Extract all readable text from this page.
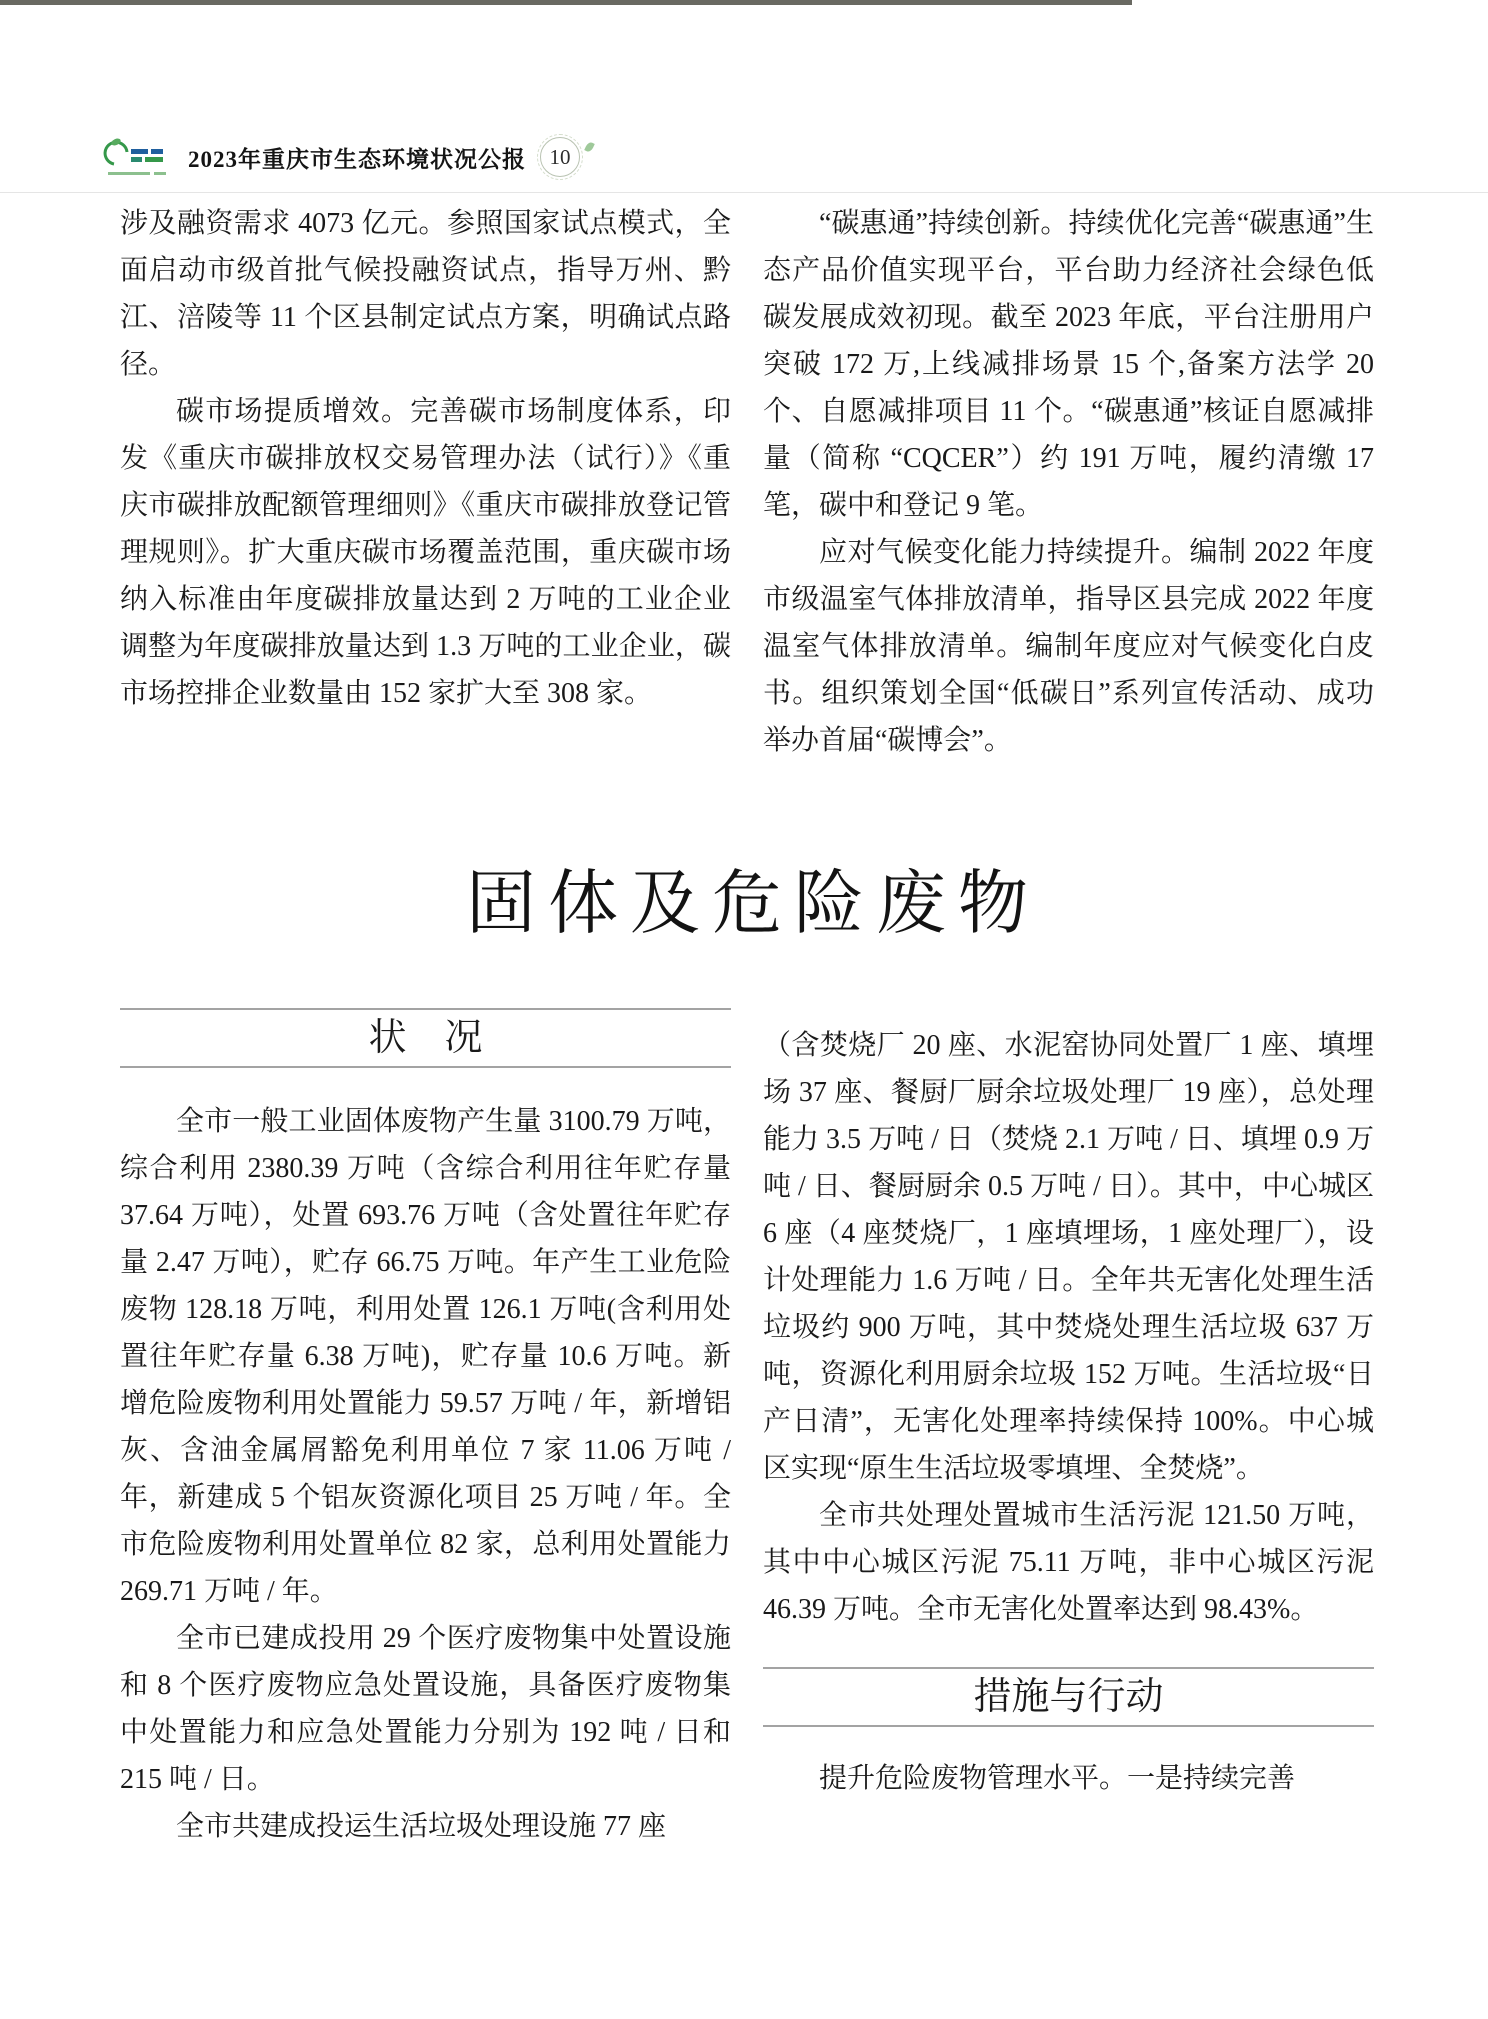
2023年重庆市生态环境状况公报	10

涉及融资需求 4073 亿元。参照国家试点模式，全面启动市级首批气候投融资试点，指导万州、黔江、涪陵等 11 个区县制定试点方案，明确试点路径。

碳市场提质增效。完善碳市场制度体系，印发《重庆市碳排放权交易管理办法（试行）》《重庆市碳排放配额管理细则》《重庆市碳排放登记管理规则》。扩大重庆碳市场覆盖范围，重庆碳市场纳入标准由年度碳排放量达到 2 万吨的工业企业调整为年度碳排放量达到 1.3 万吨的工业企业，碳市场控排企业数量由 152 家扩大至 308 家。

“碳惠通”持续创新。持续优化完善“碳惠通”生态产品价值实现平台，平台助力经济社会绿色低碳发展成效初现。截至 2023 年底，平台注册用户突破 172 万,上线减排场景 15 个,备案方法学 20 个、自愿减排项目 11 个。“碳惠通”核证自愿减排量（简称 “CQCER”）约 191 万吨，履约清缴 17 笔，碳中和登记 9 笔。

应对气候变化能力持续提升。编制 2022 年度市级温室气体排放清单，指导区县完成 2022 年度温室气体排放清单。编制年度应对气候变化白皮书。组织策划全国“低碳日”系列宣传活动、成功举办首届“碳博会”。

固体及危险废物
状　况

全市一般工业固体废物产生量 3100.79 万吨，综合利用 2380.39 万吨（含综合利用往年贮存量 37.64 万吨），处置 693.76 万吨（含处置往年贮存量 2.47 万吨），贮存 66.75 万吨。年产生工业危险废物 128.18 万吨，利用处置 126.1 万吨(含利用处置往年贮存量 6.38 万吨)，贮存量 10.6 万吨。新增危险废物利用处置能力 59.57 万吨 / 年，新增铝灰、含油金属屑豁免利用单位 7 家 11.06 万吨 / 年，新建成 5 个铝灰资源化项目 25 万吨 / 年。全市危险废物利用处置单位 82 家，总利用处置能力 269.71 万吨 / 年。

全市已建成投用 29 个医疗废物集中处置设施和 8 个医疗废物应急处置设施，具备医疗废物集中处置能力和应急处置能力分别为 192 吨 / 日和 215 吨 / 日。

全市共建成投运生活垃圾处理设施 77 座

（含焚烧厂 20 座、水泥窑协同处置厂 1 座、填埋场 37 座、餐厨厂厨余垃圾处理厂 19 座），总处理能力 3.5 万吨 / 日（焚烧 2.1 万吨 / 日、填埋 0.9 万吨 / 日、餐厨厨余 0.5 万吨 / 日）。其中，中心城区 6 座（4 座焚烧厂，1 座填埋场，1 座处理厂），设计处理能力 1.6 万吨 / 日。全年共无害化处理生活垃圾约 900 万吨，其中焚烧处理生活垃圾 637 万吨，资源化利用厨余垃圾 152 万吨。生活垃圾“日产日清”，无害化处理率持续保持 100%。中心城区实现“原生生活垃圾零填埋、全焚烧”。

全市共处理处置城市生活污泥 121.50 万吨，其中中心城区污泥 75.11 万吨，非中心城区污泥 46.39 万吨。全市无害化处置率达到 98.43%。

措施与行动

提升危险废物管理水平。一是持续完善
